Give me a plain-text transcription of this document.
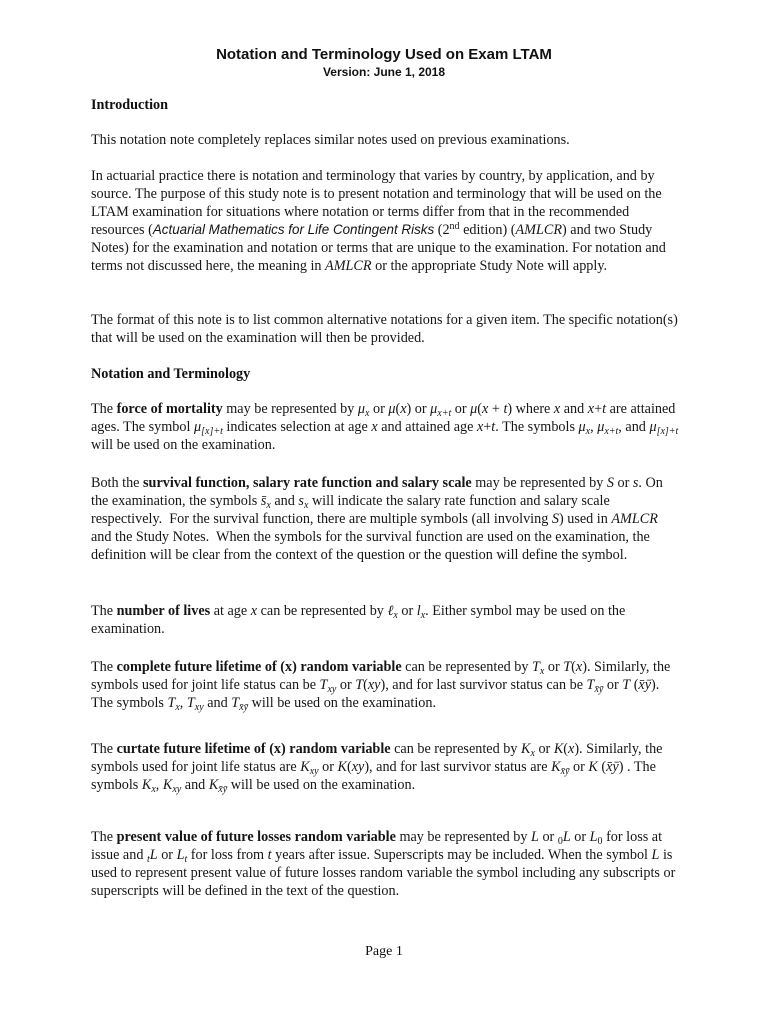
Notation and Terminology Used on Exam LTAM
Version: June 1, 2018
Introduction
This notation note completely replaces similar notes used on previous examinations.
In actuarial practice there is notation and terminology that varies by country, by application, and by source. The purpose of this study note is to present notation and terminology that will be used on the LTAM examination for situations where notation or terms differ from that in the recommended resources (Actuarial Mathematics for Life Contingent Risks (2nd edition) (AMLCR) and two Study Notes) for the examination and notation or terms that are unique to the examination. For notation and terms not discussed here, the meaning in AMLCR or the appropriate Study Note will apply.
The format of this note is to list common alternative notations for a given item. The specific notation(s) that will be used on the examination will then be provided.
Notation and Terminology
The force of mortality may be represented by $\mu_x$ or μ(x) or $\mu_{x+t}$ or μ(x + t) where x and x+t are attained ages. The symbol $\mu_{[x]+t}$ indicates selection at age x and attained age x+t. The symbols $\mu_x$, $\mu_{x+t}$, and $\mu_{[x]+t}$ will be used on the examination.
Both the survival function, salary rate function and salary scale may be represented by S or s. On the examination, the symbols $s̄_x$ and $s_x$ will indicate the salary rate function and salary scale respectively.  For the survival function, there are multiple symbols (all involving S) used in AMLCR and the Study Notes.  When the symbols for the survival function are used on the examination, the definition will be clear from the context of the question or the question will define the symbol.
The number of lives at age x can be represented by ℓ$_x$ or $l_x$. Either symbol may be used on the examination.
The complete future lifetime of (x) random variable can be represented by $T_x$ or T(x). Similarly, the symbols used for joint life status can be $T_{xy}$ or T(xy), and for last survivor status can be $T_{x̄ȳ}$ or T (x̄ȳ). The symbols $T_x$, $T_{xy}$ and $T_{x̄ȳ}$ will be used on the examination.
The curtate future lifetime of (x) random variable can be represented by $K_x$ or K(x). Similarly, the symbols used for joint life status are $K_{xy}$ or K(xy), and for last survivor status are $K_{x̄ȳ}$ or K (x̄ȳ) . The symbols $K_x$, $K_{xy}$ and $K_{x̄ȳ}$ will be used on the examination.
The present value of future losses random variable may be represented by L or $_0$L or $L_0$ for loss at issue and $_t$L or $L_t$ for loss from t years after issue. Superscripts may be included. When the symbol L is used to represent present value of future losses random variable the symbol including any subscripts or superscripts will be defined in the text of the question.
Page 1
